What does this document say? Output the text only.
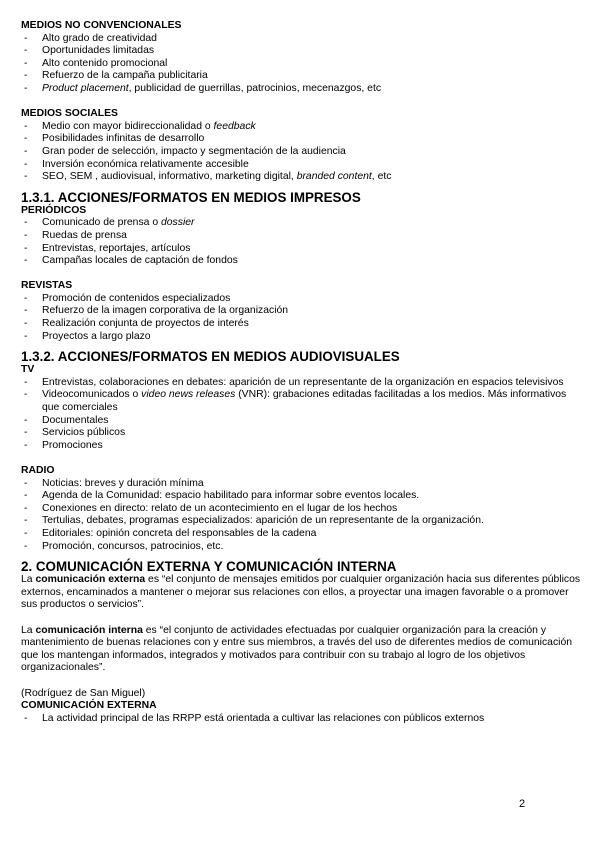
MEDIOS NO CONVENCIONALES
- Alto grado de creatividad
- Oportunidades limitadas
- Alto contenido promocional
- Refuerzo de la campaña publicitaria
- Product placement, publicidad de guerrillas, patrocinios, mecenazgos, etc
MEDIOS SOCIALES
- Medio con mayor bidireccionalidad o feedback
- Posibilidades infinitas de desarrollo
- Gran poder de selección, impacto y segmentación de la audiencia
- Inversión económica relativamente accesible
- SEO, SEM , audiovisual, informativo, marketing digital, branded content, etc
1.3.1. ACCIONES/FORMATOS EN MEDIOS IMPRESOS
PERIÓDICOS
- Comunicado de prensa o dossier
- Ruedas de prensa
- Entrevistas, reportajes, artículos
- Campañas locales de captación de fondos
REVISTAS
- Promoción de contenidos especializados
- Refuerzo de la imagen corporativa de la organización
- Realización conjunta de proyectos de interés
- Proyectos a largo plazo
1.3.2. ACCIONES/FORMATOS EN MEDIOS AUDIOVISUALES
TV
- Entrevistas, colaboraciones en debates: aparición de un representante de la organización en espacios televisivos
- Videocomunicados o video news releases (VNR): grabaciones editadas facilitadas a los medios. Más informativos que comerciales
- Documentales
- Servicios públicos
- Promociones
RADIO
- Noticias: breves y duración mínima
- Agenda de la Comunidad: espacio habilitado para informar sobre eventos locales.
- Conexiones en directo: relato de un acontecimiento en el lugar de los hechos
- Tertulias, debates, programas especializados: aparición de un representante de la organización.
- Editoriales: opinión concreta del responsables de la cadena
- Promoción, concursos, patrocinios, etc.
2. COMUNICACIÓN EXTERNA Y COMUNICACIÓN INTERNA

La comunicación externa es “el conjunto de mensajes emitidos por cualquier organización hacia sus diferentes públicos externos, encaminados a mantener o mejorar sus relaciones con ellos, a proyectar una imagen favorable o a promover sus productos o servicios”.

La comunicación interna es “el conjunto de actividades efectuadas por cualquier organización para la creación y mantenimiento de buenas relaciones con y entre sus miembros, a través del uso de diferentes medios de comunicación que los mantengan informados, integrados y motivados para contribuir con su trabajo al logro de los objetivos organizacionales”.

(Rodríguez de San Miguel)

COMUNICACIÓN EXTERNA
- La actividad principal de las RRPP está orientada a cultivar las relaciones con públicos externos
2
